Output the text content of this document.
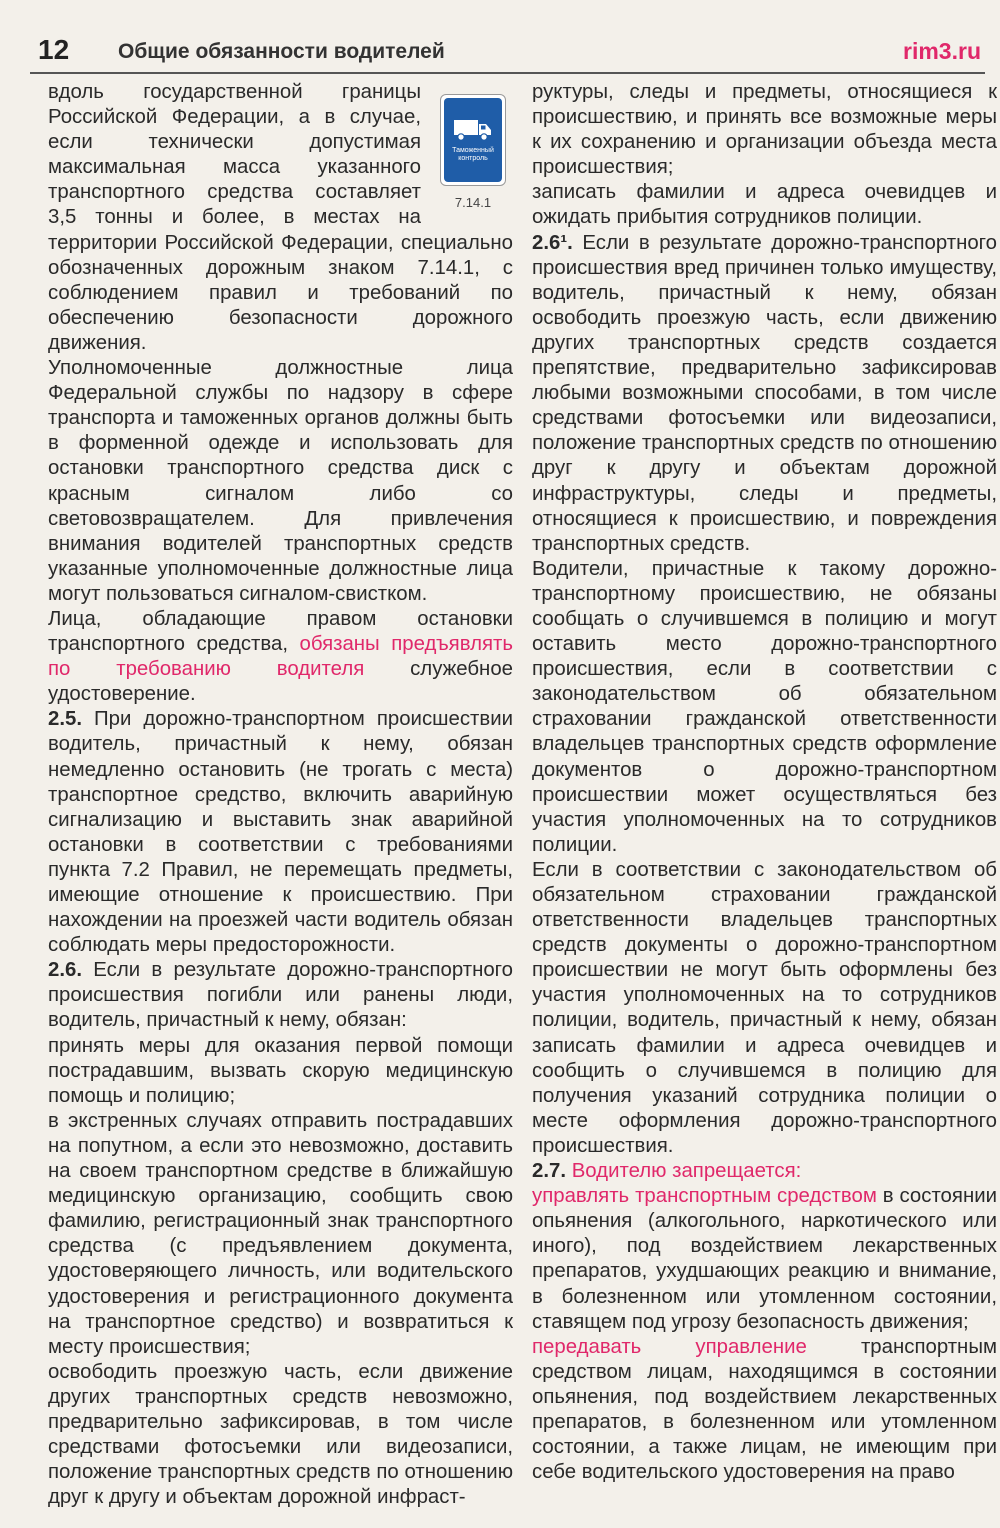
12 Общие обязанности водителей	rim3.ru

Таможенный контроль
7.14.1
вдоль государственной границы Российской Федерации, а в случае, если технически допустимая максимальная масса указанного транспортного средства составляет 3,5 тонны и более, в местах на территории Российской Федерации, специально обозначенных дорожным знаком 7.14.1, с соблюдением правил и требований по обеспечению безопасности дорожного движения.

Уполномоченные должностные лица Федеральной службы по надзору в сфере транспорта и таможенных органов должны быть в форменной одежде и использовать для остановки транспортного средства диск с красным сигналом либо со световозвращателем. Для привлечения внимания водителей транспортных средств указанные уполномоченные должностные лица могут пользоваться сигналом-свистком.

Лица, обладающие правом остановки транспортного средства, обязаны предъявлять по требованию водителя служебное удостоверение.

2.5. При дорожно-транспортном происшествии водитель, причастный к нему, обязан немедленно остановить (не трогать с места) транспортное средство, включить аварийную сигнализацию и выставить знак аварийной остановки в соответствии с требованиями пункта 7.2 Правил, не перемещать предметы, имеющие отношение к происшествию. При нахождении на проезжей части водитель обязан соблюдать меры предосторожности.

2.6. Если в результате дорожно-транспортного происшествия погибли или ранены люди, водитель, причастный к нему, обязан:

принять меры для оказания первой помощи пострадавшим, вызвать скорую медицинскую помощь и полицию;

в экстренных случаях отправить пострадавших на попутном, а если это невозможно, доставить на своем транспортном средстве в ближайшую медицинскую организацию, сообщить свою фамилию, регистрационный знак транспортного средства (с предъявлением документа, удостоверяющего личность, или водительского удостоверения и регистрационного документа на транспортное средство) и возвратиться к месту происшествия;

освободить проезжую часть, если движение других транспортных средств невозможно, предварительно зафиксировав, в том числе средствами фотосъемки или видеозаписи, положение транспортных средств по отношению друг к другу и объектам дорожной инфраст-

руктуры, следы и предметы, относящиеся к происшествию, и принять все возможные меры к их сохранению и организации объезда места происшествия;

записать фамилии и адреса очевидцев и ожидать прибытия сотрудников полиции.

2.6¹. Если в результате дорожно-транспортного происшествия вред причинен только имуществу, водитель, причастный к нему, обязан освободить проезжую часть, если движению других транспортных средств создается препятствие, предварительно зафиксировав любыми возможными способами, в том числе средствами фотосъемки или видеозаписи, положение транспортных средств по отношению друг к другу и объектам дорожной инфраструктуры, следы и предметы, относящиеся к происшествию, и повреждения транспортных средств.

Водители, причастные к такому дорожно-транспортному происшествию, не обязаны сообщать о случившемся в полицию и могут оставить место дорожно-транспортного происшествия, если в соответствии с законодательством об обязательном страховании гражданской ответственности владельцев транспортных средств оформление документов о дорожно-транспортном происшествии может осуществляться без участия уполномоченных на то сотрудников полиции.

Если в соответствии с законодательством об обязательном страховании гражданской ответственности владельцев транспортных средств документы о дорожно-транспортном происшествии не могут быть оформлены без участия уполномоченных на то сотрудников полиции, водитель, причастный к нему, обязан записать фамилии и адреса очевидцев и сообщить о случившемся в полицию для получения указаний сотрудника полиции о месте оформления дорожно-транспортного происшествия.

2.7. Водителю запрещается:

управлять транспортным средством в состоянии опьянения (алкогольного, наркотического или иного), под воздействием лекарственных препаратов, ухудшающих реакцию и внимание, в болезненном или утомленном состоянии, ставящем под угрозу безопасность движения;

передавать управление	транспортным средством лицам, находящимся в состоянии опьянения, под воздействием лекарственных препаратов, в болезненном или утомленном состоянии, а также лицам, не имеющим при себе водительского удостоверения на право
